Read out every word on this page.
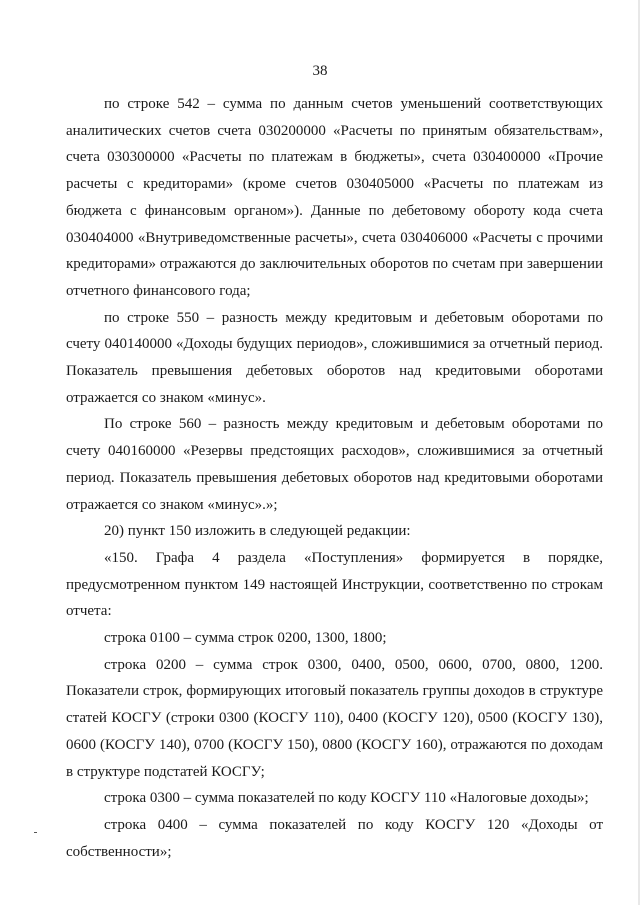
38

по строке 542 – сумма по данным счетов уменьшений соответствующих аналитических счетов счета 030200000 «Расчеты по принятым обязательствам», счета 030300000 «Расчеты по платежам в бюджеты», счета 030400000 «Прочие расчеты с кредиторами» (кроме счетов 030405000 «Расчеты по платежам из бюджета с финансовым органом»). Данные по дебетовому обороту кода счета 030404000 «Внутриведомственные расчеты», счета 030406000 «Расчеты с прочими кредиторами» отражаются до заключительных оборотов по счетам при завершении отчетного финансового года;

по строке 550 – разность между кредитовым и дебетовым оборотами по счету 040140000 «Доходы будущих периодов», сложившимися за отчетный период. Показатель превышения дебетовых оборотов над кредитовыми оборотами отражается со знаком «минус».

По строке 560 – разность между кредитовым и дебетовым оборотами по счету 040160000 «Резервы предстоящих расходов», сложившимися за отчетный период. Показатель превышения дебетовых оборотов над кредитовыми оборотами отражается со знаком «минус».»;

20) пункт 150 изложить в следующей редакции:

«150. Графа 4 раздела «Поступления» формируется в порядке, предусмотренном пунктом 149 настоящей Инструкции, соответственно по строкам отчета:

строка 0100 – сумма строк 0200, 1300, 1800;

строка 0200 – сумма строк 0300, 0400, 0500, 0600, 0700, 0800, 1200. Показатели строк, формирующих итоговый показатель группы доходов в структуре статей КОСГУ (строки 0300 (КОСГУ 110), 0400 (КОСГУ 120), 0500 (КОСГУ 130), 0600 (КОСГУ 140), 0700 (КОСГУ 150), 0800 (КОСГУ 160), отражаются по доходам в структуре подстатей КОСГУ;

строка 0300 – сумма показателей по коду КОСГУ 110 «Налоговые доходы»;

строка 0400 – сумма показателей по коду КОСГУ 120 «Доходы от собственности»;
